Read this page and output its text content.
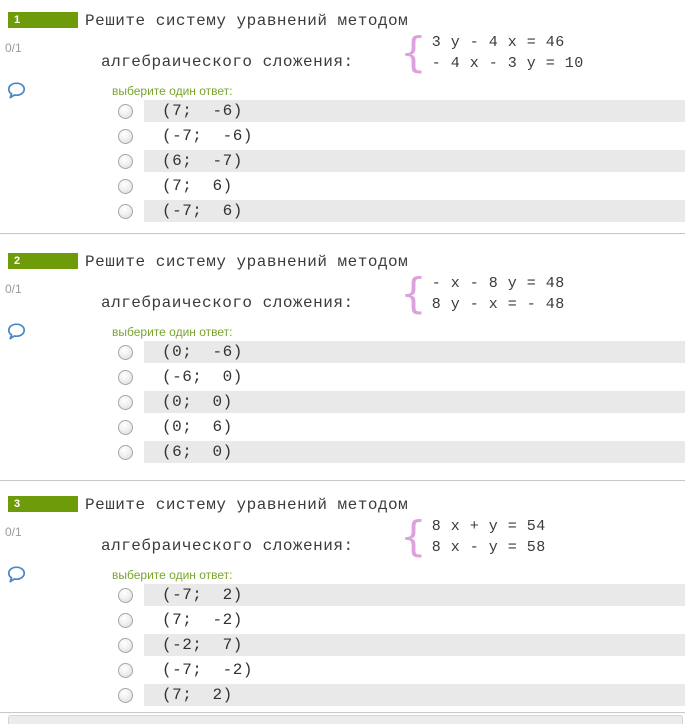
1
0/1
Решите систему уравнений методом
алгебраического сложения:	{ 3 y - 4 x = 46
- 4 x - 3 y = 10
выберите один ответ:
(7;  -6)
(-7;  -6)
(6;  -7)
(7;  6)
(-7;  6)
2
0/1
Решите систему уравнений методом
алгебраического сложения:	{ - x - 8 y = 48
8 y - x = - 48
выберите один ответ:
(0;  -6)
(-6;  0)
(0;  0)
(0;  6)
(6;  0)
3
0/1
Решите систему уравнений методом
алгебраического сложения:	{ 8 x + y = 54
8 x - y = 58
выберите один ответ:
(-7;  2)
(7;  -2)
(-2;  7)
(-7;  -2)
(7;  2)
